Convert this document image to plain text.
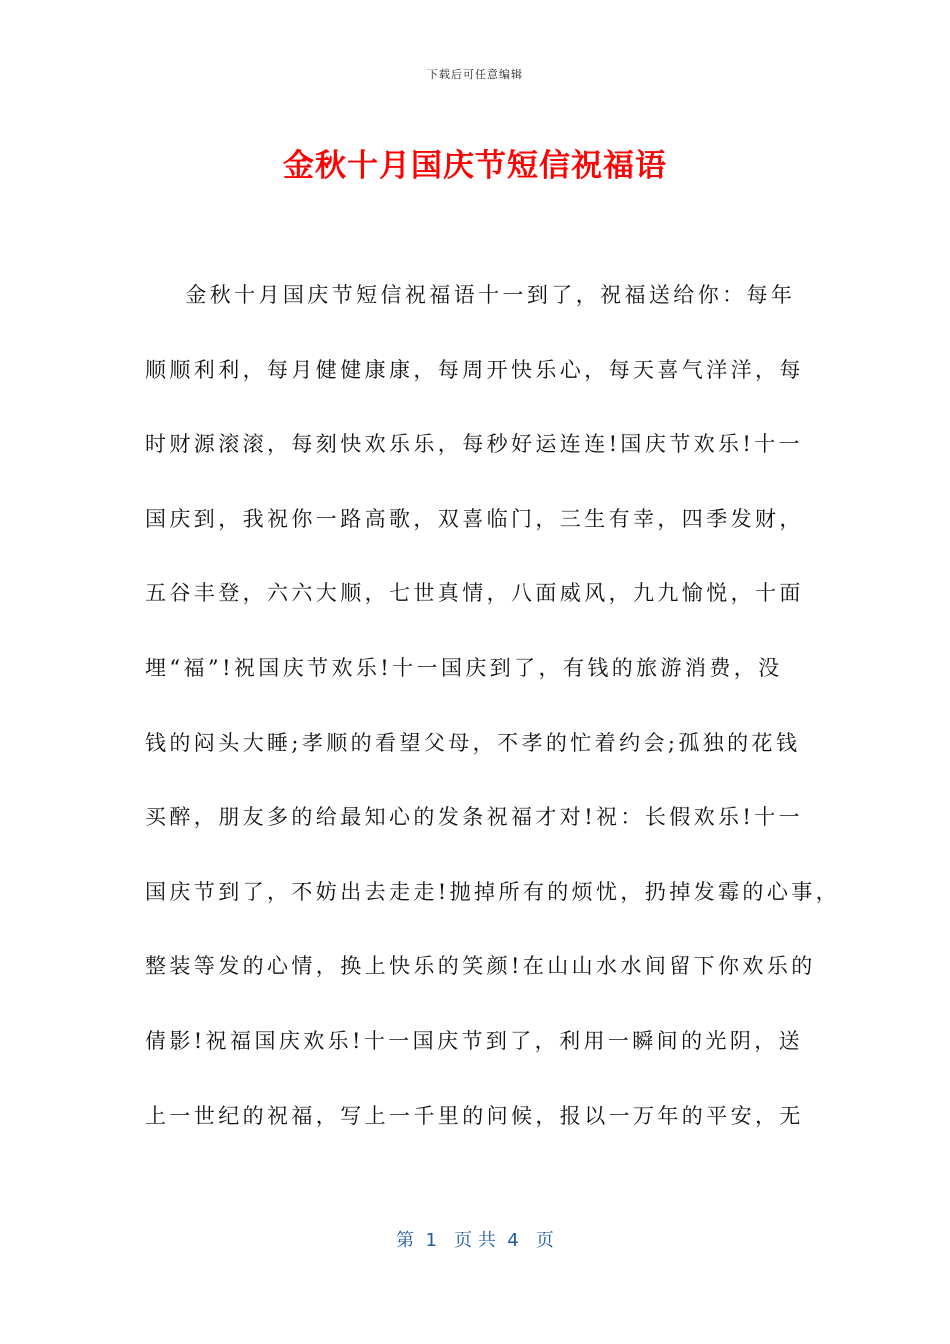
下载后可任意编辑
金秋十月国庆节短信祝福语
金秋十月国庆节短信祝福语十一到了，祝福送给你：每年
顺顺利利，每月健健康康，每周开快乐心，每天喜气洋洋，每
时财源滚滚，每刻快欢乐乐，每秒好运连连!国庆节欢乐!十一
国庆到，我祝你一路高歌，双喜临门，三生有幸，四季发财，
五谷丰登，六六大顺，七世真情，八面威风，九九愉悦，十面
埋“福”!祝国庆节欢乐!十一国庆到了，有钱的旅游消费，没
钱的闷头大睡;孝顺的看望父母，不孝的忙着约会;孤独的花钱
买醉，朋友多的给最知心的发条祝福才对!祝：长假欢乐!十一
国庆节到了，不妨出去走走!抛掉所有的烦忧，扔掉发霉的心事，
整装等发的心情，换上快乐的笑颜!在山山水水间留下你欢乐的
倩影!祝福国庆欢乐!十一国庆节到了，利用一瞬间的光阴，送
上一世纪的祝福，写上一千里的问候，报以一万年的平安，无
第  1   页 共  4   页
